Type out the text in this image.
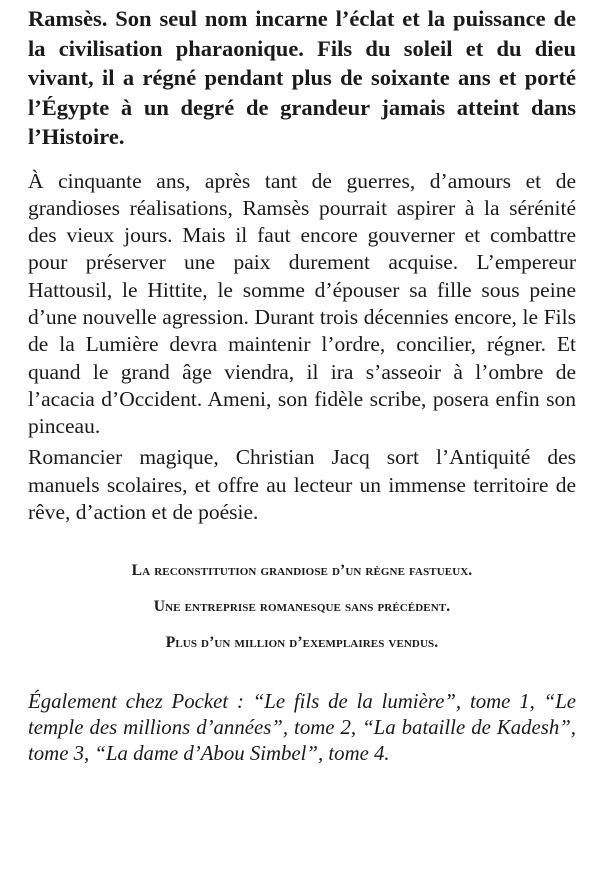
Ramsès. Son seul nom incarne l’éclat et la puissance de la civilisation pharaonique. Fils du soleil et du dieu vivant, il a régné pendant plus de soixante ans et porté l’Égypte à un degré de grandeur jamais atteint dans l’Histoire.

À cinquante ans, après tant de guerres, d’amours et de grandioses réalisations, Ramsès pourrait aspirer à la sérénité des vieux jours. Mais il faut encore gouverner et combattre pour préserver une paix durement acquise. L’empereur Hattousil, le Hittite, le somme d’épouser sa fille sous peine d’une nouvelle agression. Durant trois décennies encore, le Fils de la Lumière devra maintenir l’ordre, concilier, régner. Et quand le grand âge viendra, il ira s’asseoir à l’ombre de l’acacia d’Occident. Ameni, son fidèle scribe, posera enfin son pinceau.

Romancier magique, Christian Jacq sort l’Antiquité des manuels scolaires, et offre au lecteur un immense territoire de rêve, d’action et de poésie.

La reconstitution grandiose d’un règne fastueux.

Une entreprise romanesque sans précédent.

Plus d’un million d’exemplaires vendus.

Également chez Pocket : “Le fils de la lumière”, tome 1, “Le temple des millions d’années”, tome 2, “La bataille de Kadesh”, tome 3, “La dame d’Abou Simbel”, tome 4.
